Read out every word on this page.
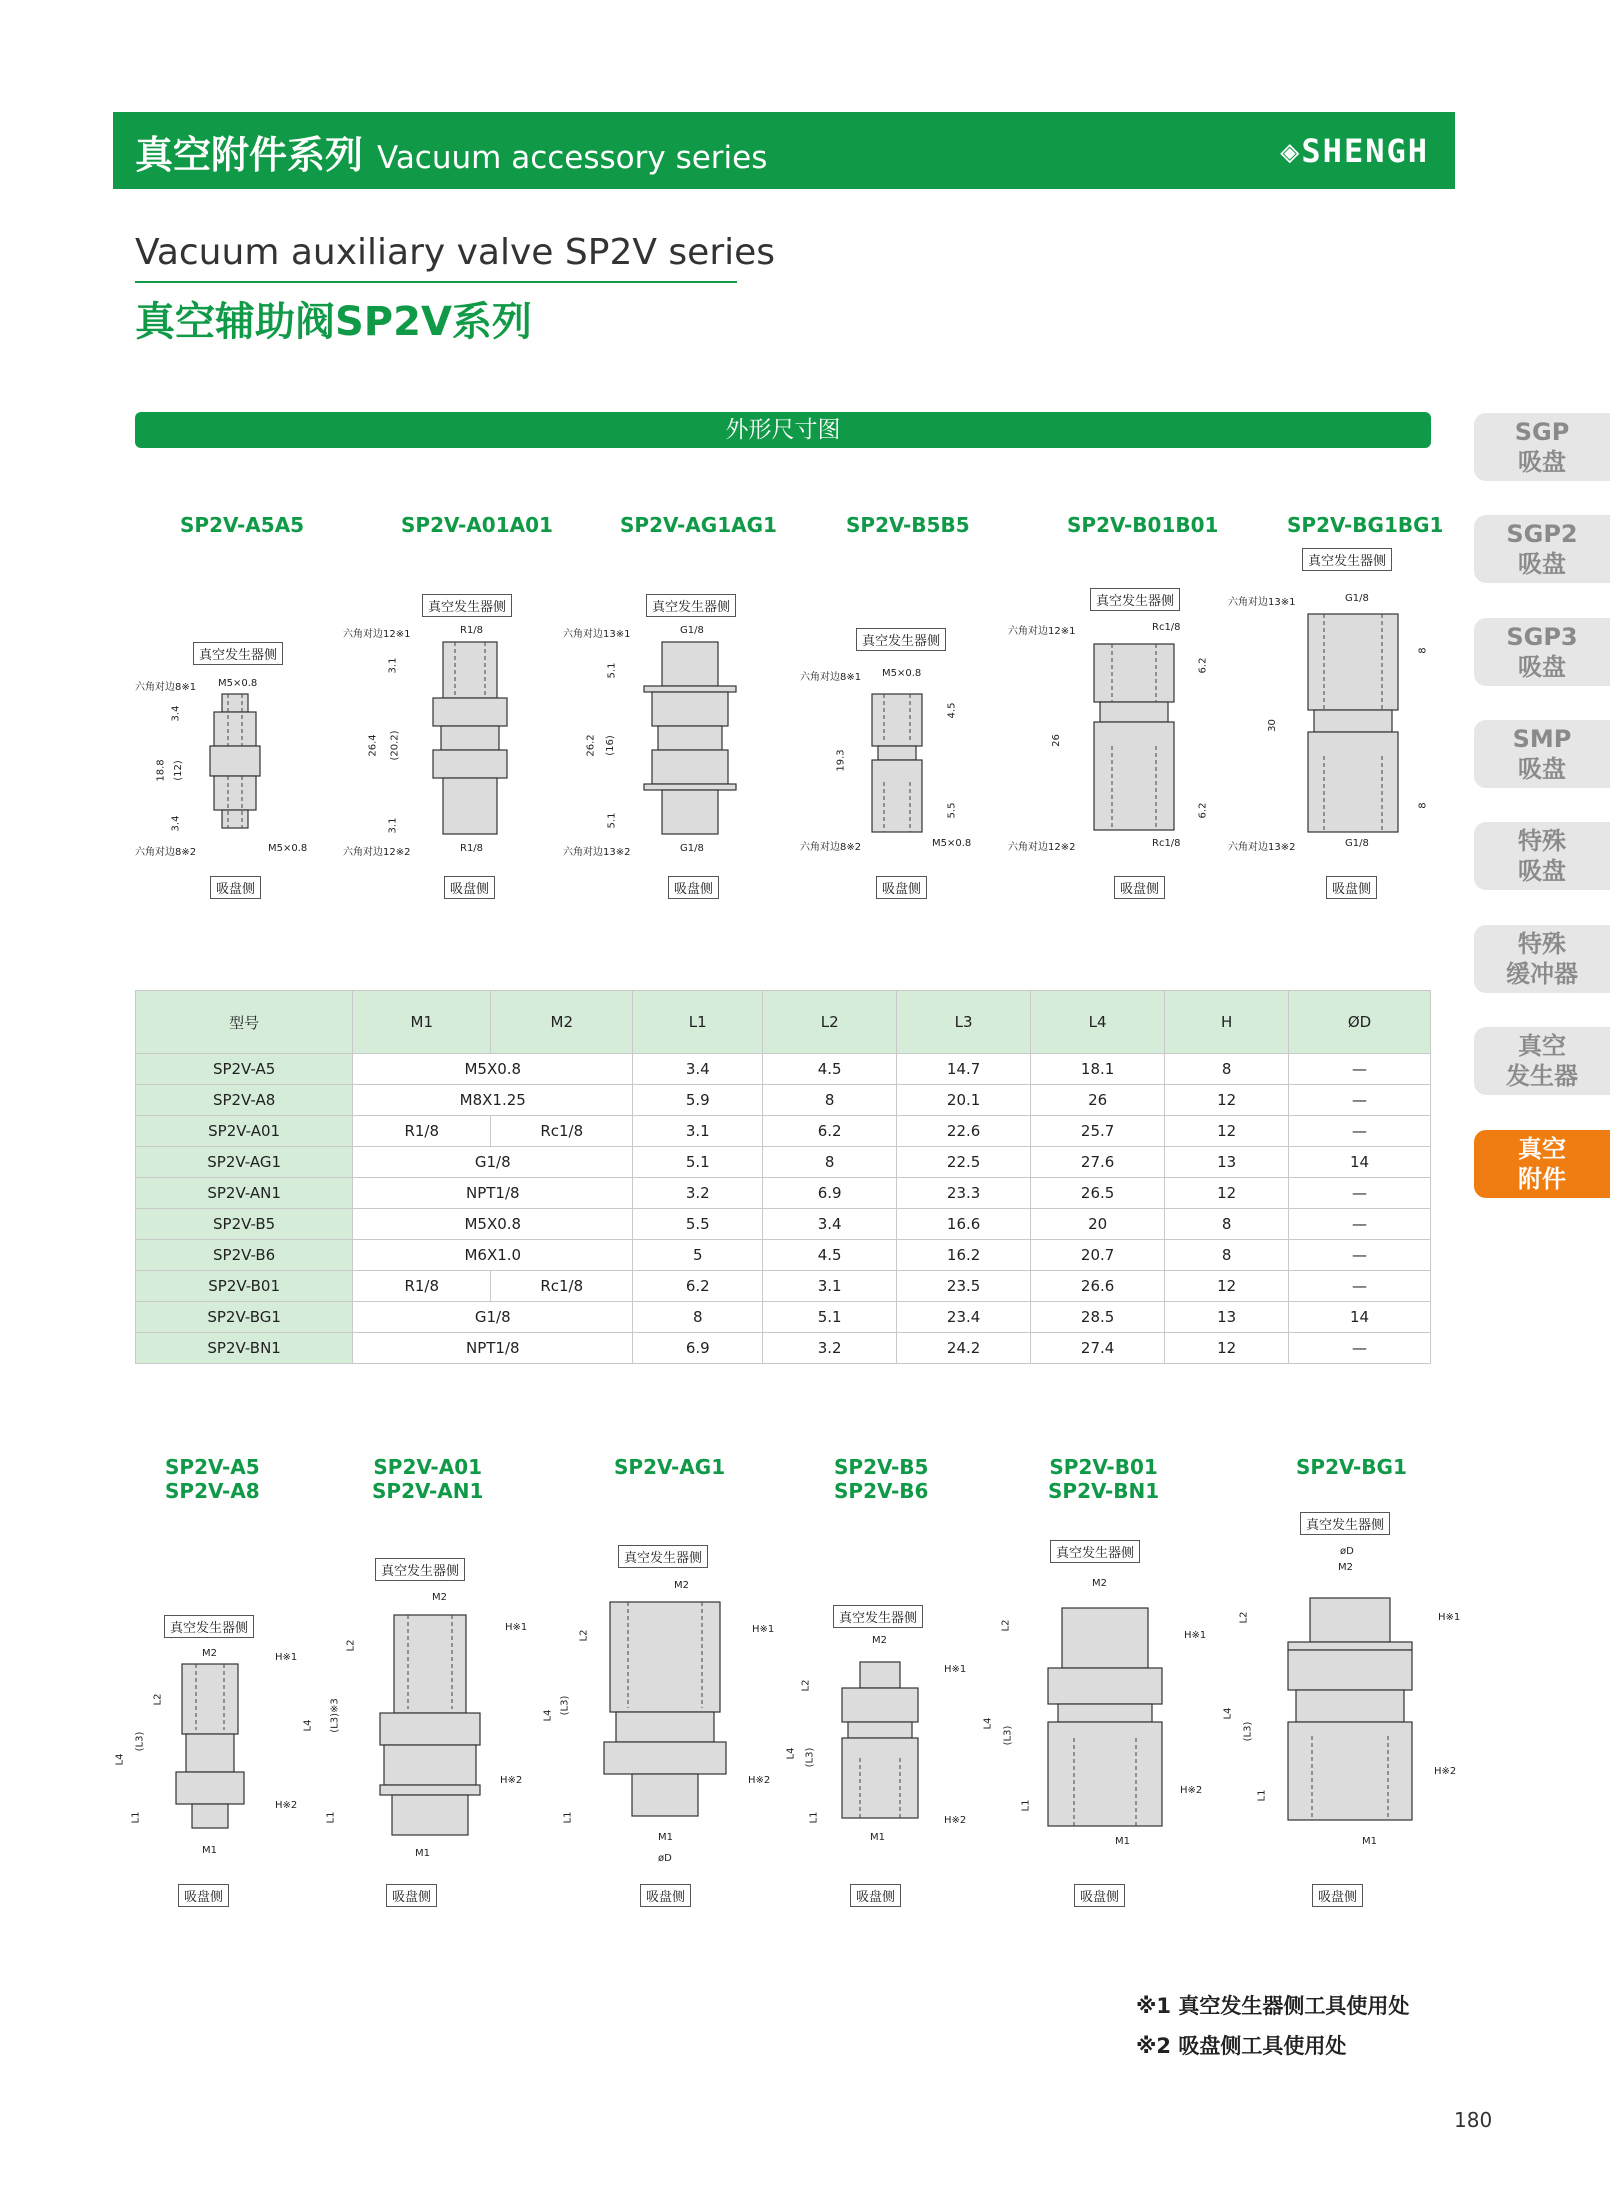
真空附件系列 Vacuum accessory series	◈SHENGH
Vacuum auxiliary valve SP2V series
真空辅助阀SP2V系列
外形尺寸图	SGP
吸盘
SGP2
吸盘
SGP3
吸盘
SMP
吸盘
特殊
吸盘
特殊
缓冲器
真空
发生器
真空
附件
SP2V-A5A5	SP2V-A01A01	SP2V-AG1AG1	SP2V-B5B5	SP2V-B01B01	SP2V-BG1BG1
真空发生器侧
M5×0.8
六角对边8※1
六角对边8※2	M5×0.8
3.4
18.8 (12)
3.4
吸盘侧
真空发生器侧
R1/8
六角对边12※1
六角对边12※2	R1/8
3.1
26.4 (20.2)
3.1
吸盘侧
真空发生器侧
G1/8
六角对边13※1
六角对边13※2	G1/8
5.1
26.2 (16)
5.1
吸盘侧
真空发生器侧
M5×0.8
六角对边8※1
六角对边8※2	M5×0.8
4.5
19.3
5.5
吸盘侧
真空发生器侧
Rc1/8
六角对边12※1
六角对边12※2	Rc1/8
6.2
26
6.2
吸盘侧
真空发生器侧
G1/8
六角对边13※1
六角对边13※2	G1/8
8
30
8
吸盘侧
型号	M1	M2	L1	L2	L3	L4	H	ØD
SP2V-A5	M5X0.8		3.4	4.5	14.7	18.1	8	—
SP2V-A8	M8X1.25		5.9	8	20.1	26	12	—
SP2V-A01	R1/8	Rc1/8	3.1	6.2	22.6	25.7	12	—
SP2V-AG1	G1/8		5.1	8	22.5	27.6	13	14
SP2V-AN1	NPT1/8		3.2	6.9	23.3	26.5	12	—
SP2V-B5	M5X0.8		5.5	3.4	16.6	20	8	—
SP2V-B6	M6X1.0		5	4.5	16.2	20.7	8	—
SP2V-B01	R1/8	Rc1/8	6.2	3.1	23.5	26.6	12	—
SP2V-BG1	G1/8		8	5.1	23.4	28.5	13	14
SP2V-BN1	NPT1/8		6.9	3.2	24.2	27.4	12	—
SP2V-A5
SP2V-A8
SP2V-A01
SP2V-AN1
SP2V-AG1	SP2V-B5
SP2V-B6
SP2V-B01
SP2V-BN1
SP2V-BG1
真空发生器侧
M2	H※1
H※2
L2
(L3)
L4
L1
M1
吸盘侧
真空发生器侧
M2
H※1
H※2
L2
(L3)※3
L4
L1
M1
吸盘侧
真空发生器侧
M2
H※1
H※2
L2
(L3)
L4
L1
M1
øD
吸盘侧
真空发生器侧
M2
H※1
H※2
L2
(L3)
L4
L1
M1
吸盘侧
真空发生器侧
M2
H※1
H※2
L2
(L3)
L4
L1
M1
吸盘侧
真空发生器侧
øD
M2
H※1
H※2
L2
(L3)
L4
L1
M1
吸盘侧
※1 真空发生器侧工具使用处
※2 吸盘侧工具使用处
180
